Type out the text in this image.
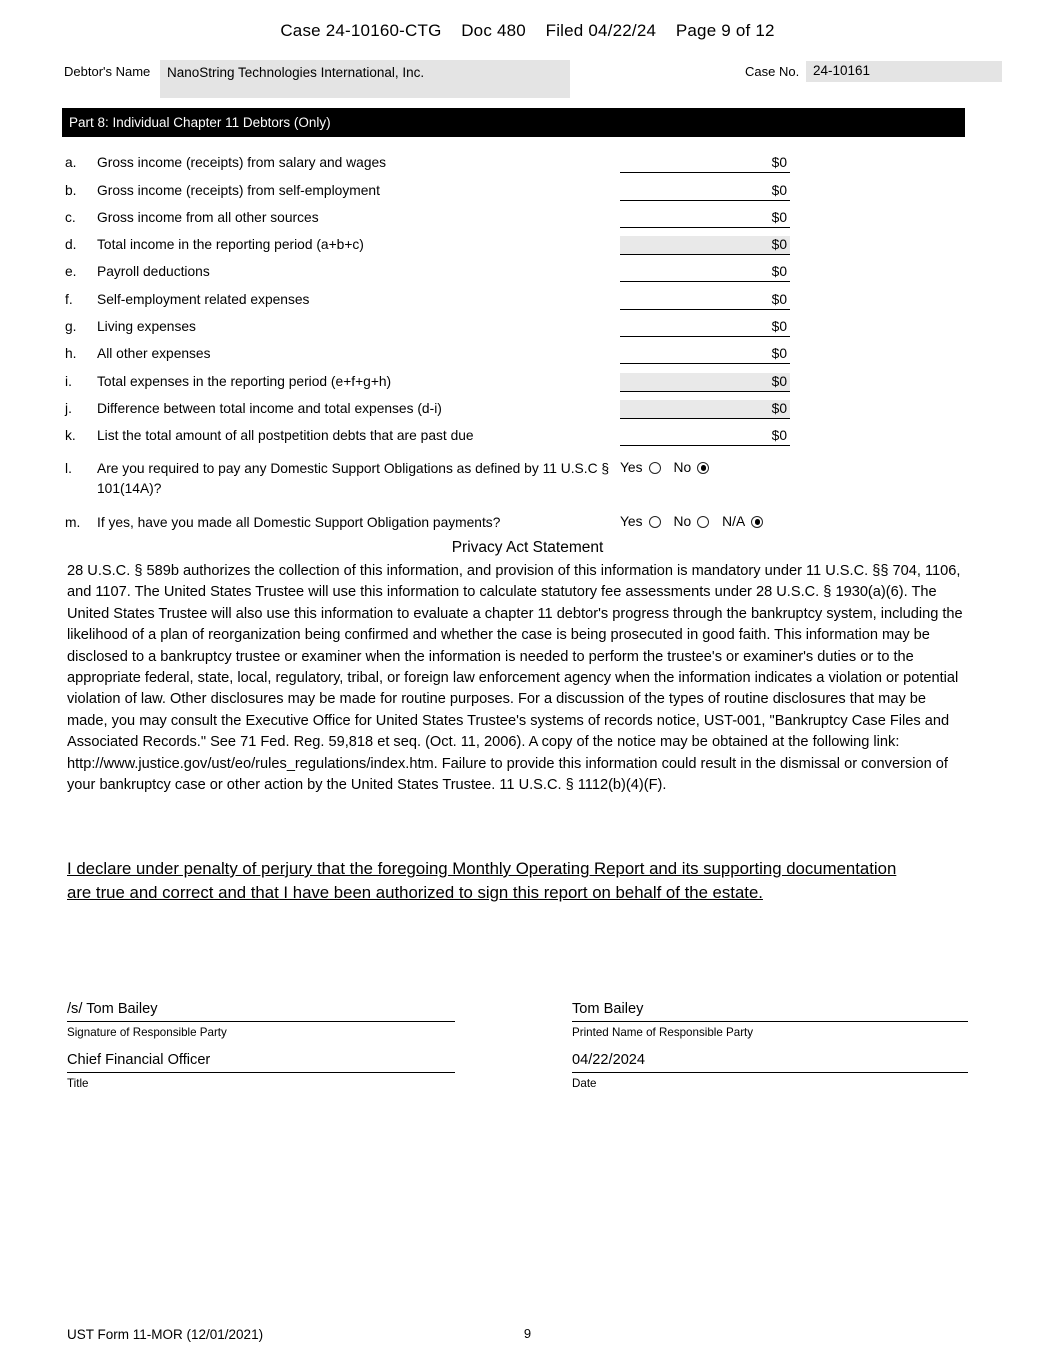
Case 24-10160-CTG    Doc 480    Filed 04/22/24    Page 9 of 12
Debtor's Name	NanoString Technologies International, Inc.	Case No.	24-10161
Part 8: Individual Chapter 11 Debtors (Only)
a. Gross income (receipts) from salary and wages	$0
b. Gross income (receipts) from self-employment	$0
c. Gross income from all other sources	$0
d. Total income in the reporting period (a+b+c)	$0
e. Payroll deductions	$0
f. Self-employment related expenses	$0
g. Living expenses	$0
h. All other expenses	$0
i. Total expenses in the reporting period (e+f+g+h)	$0
j. Difference between total income and total expenses (d-i)	$0
k. List the total amount of all postpetition debts that are past due	$0
l. Are you required to pay any Domestic Support Obligations as defined by 11 U.S.C § 101(14A)?
Yes No
m. If yes, have you made all Domestic Support Obligation payments?	Yes No N/A
Privacy Act Statement
28 U.S.C. § 589b authorizes the collection of this information, and provision of this information is mandatory under 11 U.S.C. §§ 704, 1106, and 1107. The United States Trustee will use this information to calculate statutory fee assessments under 28 U.S.C. § 1930(a)(6). The United States Trustee will also use this information to evaluate a chapter 11 debtor's progress through the bankruptcy system, including the likelihood of a plan of reorganization being confirmed and whether the case is being prosecuted in good faith. This information may be disclosed to a bankruptcy trustee or examiner when the information is needed to perform the trustee's or examiner's duties or to the appropriate federal, state, local, regulatory, tribal, or foreign law enforcement agency when the information indicates a violation or potential violation of law. Other disclosures may be made for routine purposes. For a discussion of the types of routine disclosures that may be made, you may consult the Executive Office for United States Trustee's systems of records notice, UST-001, "Bankruptcy Case Files and Associated Records." See 71 Fed. Reg. 59,818 et seq. (Oct. 11, 2006). A copy of the notice may be obtained at the following link: http://www.justice.gov/ust/eo/rules_regulations/index.htm. Failure to provide this information could result in the dismissal or conversion of your bankruptcy case or other action by the United States Trustee. 11 U.S.C. § 1112(b)(4)(F).
I declare under penalty of perjury that the foregoing Monthly Operating Report and its supporting documentation are true and correct and that I have been authorized to sign this report on behalf of the estate.
/s/ Tom Bailey
Signature of Responsible Party
Tom Bailey
Printed Name of Responsible Party
Chief Financial Officer
Title
04/22/2024
Date
UST Form 11-MOR (12/01/2021)	9
